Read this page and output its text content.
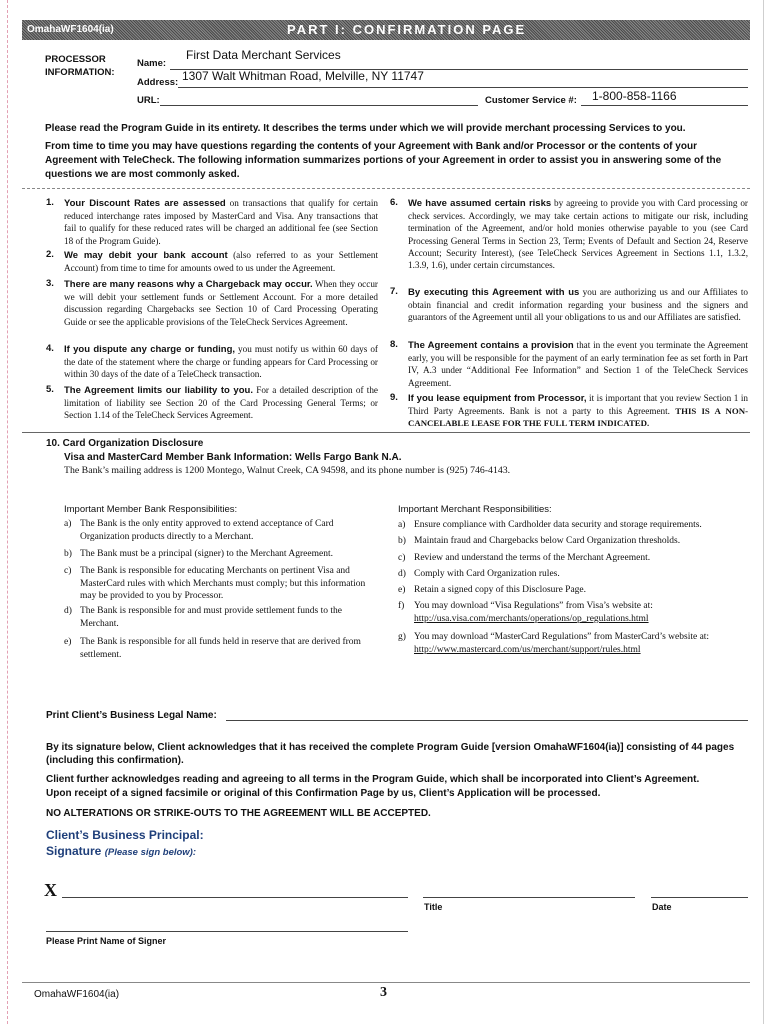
OmahaWF1604(ia)	PART I: CONFIRMATION PAGE
PROCESSOR
INFORMATION:
Name:
First Data Merchant Services
Address: 1307 Walt Whitman Road, Melville, NY 11747
URL:	Customer Service #: 1-800-858-1166
Please read the Program Guide in its entirety. It describes the terms under which we will provide merchant processing Services to you.
From time to time you may have questions regarding the contents of your Agreement with Bank and/or Processor or the contents of your
Agreement with TeleCheck. The following information summarizes portions of your Agreement in order to assist you in answering some of the
questions we are most commonly asked.
1. Your Discount Rates are assessed on transactions that qualify for certain reduced interchange rates imposed by MasterCard and Visa. Any transactions that fail to qualify for these reduced rates will be charged an additional fee (see Section 18 of the Program Guide).
2. We may debit your bank account (also referred to as your Settlement Account) from time to time for amounts owed to us under the Agreement.
3. There are many reasons why a Chargeback may occur. When they occur we will debit your settlement funds or Settlement Account. For a more detailed discussion regarding Chargebacks see Section 10 of Card Processing Operating Guide or see the applicable provisions of the TeleCheck Services Agreement.
4. If you dispute any charge or funding, you must notify us within 60 days of the date of the statement where the charge or funding appears for Card Processing or within 30 days of the date of a TeleCheck transaction.
5. The Agreement limits our liability to you. For a detailed description of the limitation of liability see Section 20 of the Card Processing General Terms; or Section 1.14 of the TeleCheck Services Agreement.
6. We have assumed certain risks by agreeing to provide you with Card processing or check services. Accordingly, we may take certain actions to mitigate our risk, including termination of the Agreement, and/or hold monies otherwise payable to you (see Card Processing General Terms in Section 23, Term; Events of Default and Section 24, Reserve Account; Security Interest), (see TeleCheck Services Agreement in Sections 1.1, 1.3.2, 1.3.9, 1.6), under certain circumstances.
7. By executing this Agreement with us you are authorizing us and our Affiliates to obtain financial and credit information regarding your business and the signers and guarantors of the Agreement until all your obligations to us and our Affiliates are satisfied.
8. The Agreement contains a provision that in the event you terminate the Agreement early, you will be responsible for the payment of an early termination fee as set forth in Part IV, A.3 under “Additional Fee Information” and Section 1 of the TeleCheck Services Agreement.
9. If you lease equipment from Processor, it is important that you review Section 1 in Third Party Agreements. Bank is not a party to this Agreement. THIS IS A NON-CANCELABLE LEASE FOR THE FULL TERM INDICATED.
10. Card Organization Disclosure
Visa and MasterCard Member Bank Information: Wells Fargo Bank N.A.
The Bank’s mailing address is 1200 Montego, Walnut Creek, CA 94598, and its phone number is (925) 746-4143.
Important Member Bank Responsibilities:
a) The Bank is the only entity approved to extend acceptance of Card Organization products directly to a Merchant.
b) The Bank must be a principal (signer) to the Merchant Agreement.
c) The Bank is responsible for educating Merchants on pertinent Visa and MasterCard rules with which Merchants must comply; but this information may be provided to you by Processor.
d) The Bank is responsible for and must provide settlement funds to the Merchant.
e) The Bank is responsible for all funds held in reserve that are derived from settlement.
Important Merchant Responsibilities:
a) Ensure compliance with Cardholder data security and storage requirements.
b) Maintain fraud and Chargebacks below Card Organization thresholds.
c) Review and understand the terms of the Merchant Agreement.
d) Comply with Card Organization rules.
e) Retain a signed copy of this Disclosure Page.
f) You may download “Visa Regulations” from Visa’s website at:
http://usa.visa.com/merchants/operations/op_regulations.html
g) You may download “MasterCard Regulations” from MasterCard’s website at:
http://www.mastercard.com/us/merchant/support/rules.html
Print Client’s Business Legal Name:
By its signature below, Client acknowledges that it has received the complete Program Guide [version OmahaWF1604(ia)] consisting of 44 pages
(including this confirmation).
Client further acknowledges reading and agreeing to all terms in the Program Guide, which shall be incorporated into Client’s Agreement.
Upon receipt of a signed facsimile or original of this Confirmation Page by us, Client’s Application will be processed.
NO ALTERATIONS OR STRIKE-OUTS TO THE AGREEMENT WILL BE ACCEPTED.
Client’s Business Principal:
Signature (Please sign below):
X
Title	Date
Please Print Name of Signer
OmahaWF1604(ia)	3
